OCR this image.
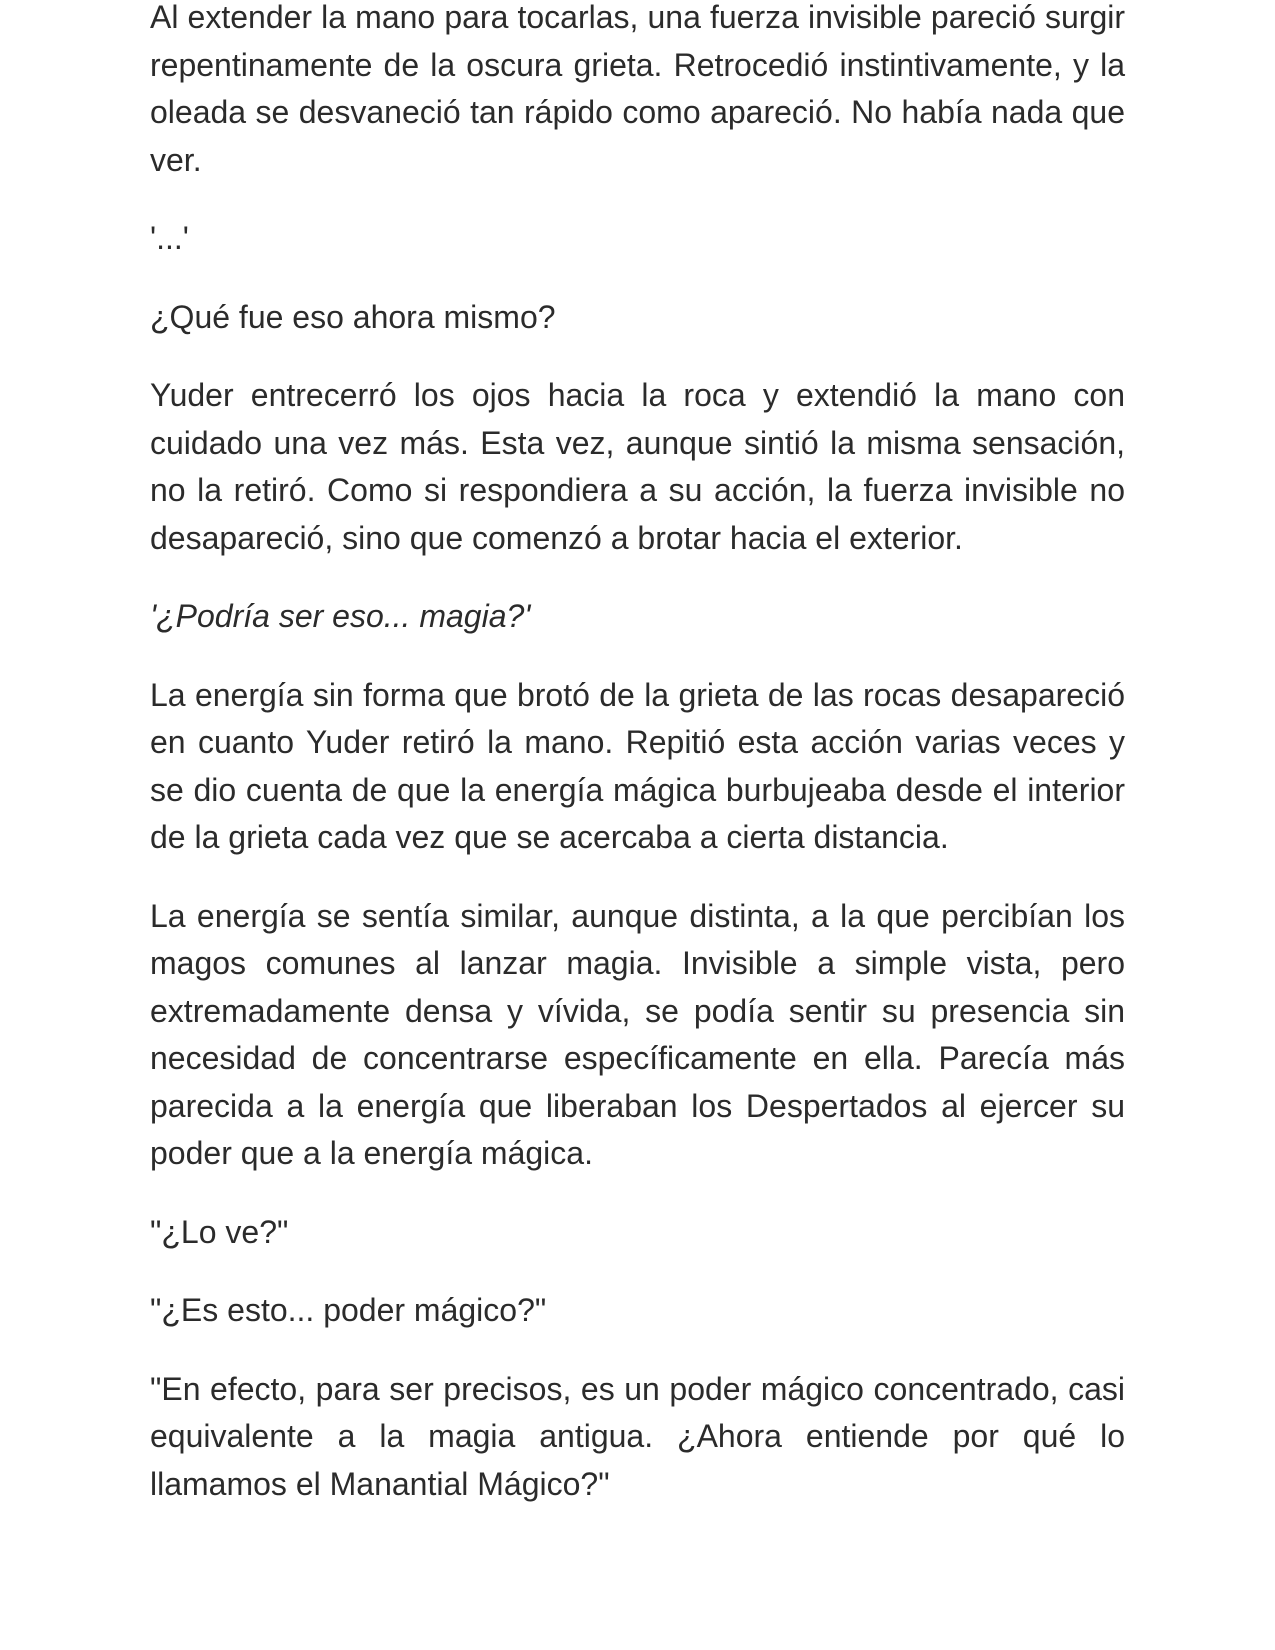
Al extender la mano para tocarlas, una fuerza invisible pareció surgir repentinamente de la oscura grieta. Retrocedió instintivamente, y la oleada se desvaneció tan rápido como apareció. No había nada que ver.

'...'

¿Qué fue eso ahora mismo?

Yuder entrecerró los ojos hacia la roca y extendió la mano con cuidado una vez más. Esta vez, aunque sintió la misma sensación, no la retiró. Como si respondiera a su acción, la fuerza invisible no desapareció, sino que comenzó a brotar hacia el exterior.

'¿Podría ser eso... magia?'

La energía sin forma que brotó de la grieta de las rocas desapareció en cuanto Yuder retiró la mano. Repitió esta acción varias veces y se dio cuenta de que la energía mágica burbujeaba desde el interior de la grieta cada vez que se acercaba a cierta distancia.

La energía se sentía similar, aunque distinta, a la que percibían los magos comunes al lanzar magia. Invisible a simple vista, pero extremadamente densa y vívida, se podía sentir su presencia sin necesidad de concentrarse específicamente en ella. Parecía más parecida a la energía que liberaban los Despertados al ejercer su poder que a la energía mágica.

"¿Lo ve?"

"¿Es esto... poder mágico?"

"En efecto, para ser precisos, es un poder mágico concentrado, casi equivalente a la magia antigua. ¿Ahora entiende por qué lo llamamos el Manantial Mágico?"
